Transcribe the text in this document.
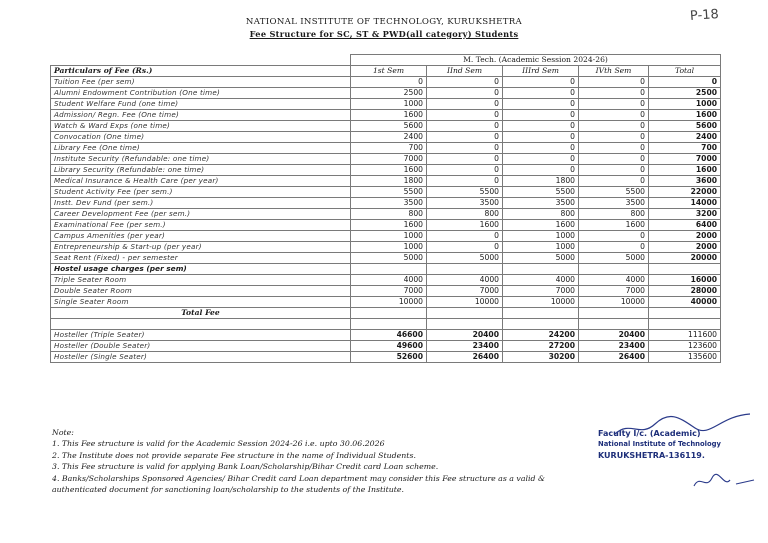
P-18
NATIONAL INSTITUTE OF TECHNOLOGY, KURUKSHETRA
Fee Structure for SC, ST & PWD(all category) Students
	M. Tech. (Academic Session 2024-26)				
Particulars of Fee (Rs.)	1st Sem	IInd Sem	IIIrd Sem	IVth Sem	Total
Tuition Fee (per sem)	0	0	0	0	0
Alumni Endowment Contribution (One time)	2500	0	0	0	2500
Student Welfare Fund (one time)	1000	0	0	0	1000
Admission/ Regn. Fee (One time)	1600	0	0	0	1600
Watch & Ward Exps (one time)	5600	0	0	0	5600
Convocation (One time)	2400	0	0	0	2400
Library Fee (One time)	700	0	0	0	700
Institute Security (Refundable: one time)	7000	0	0	0	7000
Library Security (Refundable: one time)	1600	0	0	0	1600
Medical Insurance & Health Care (per year)	1800	0	1800	0	3600
Student Activity Fee (per sem.)	5500	5500	5500	5500	22000
Instt. Dev Fund (per sem.)	3500	3500	3500	3500	14000
Career Development Fee (per sem.)	800	800	800	800	3200
Examinational Fee (per sem.)	1600	1600	1600	1600	6400
Campus Amenities (per year)	1000	0	1000	0	2000
Entrepreneurship & Start-up (per year)	1000	0	1000	0	2000
Seat Rent (Fixed) - per semester	5000	5000	5000	5000	20000
Hostel usage charges (per sem)					
Triple Seater Room	4000	4000	4000	4000	16000
Double Seater Room	7000	7000	7000	7000	28000
Single Seater Room	10000	10000	10000	10000	40000
Total Fee					

Hosteller (Triple Seater)	46600	20400	24200	20400	111600
Hosteller (Double Seater)	49600	23400	27200	23400	123600
Hosteller (Single Seater)	52600	26400	30200	26400	135600
Note:
1. This Fee structure is valid for the Academic Session 2024-26 i.e. upto 30.06.2026
2. The Institute does not provide separate Fee structure in the name of Individual Students.
3. This Fee structure is valid for applying Bank Loan/Scholarship/Bihar Credit card Loan scheme.
4. Banks/Scholarships Sponsored Agencies/ Bihar Credit card Loan department may consider this Fee structure as a valid &
authenticated document for sanctioning loan/scholarship to the students of the Institute.
Faculty I/c. (Academic)
National Institute of Technology
KURUKSHETRA-136119.
